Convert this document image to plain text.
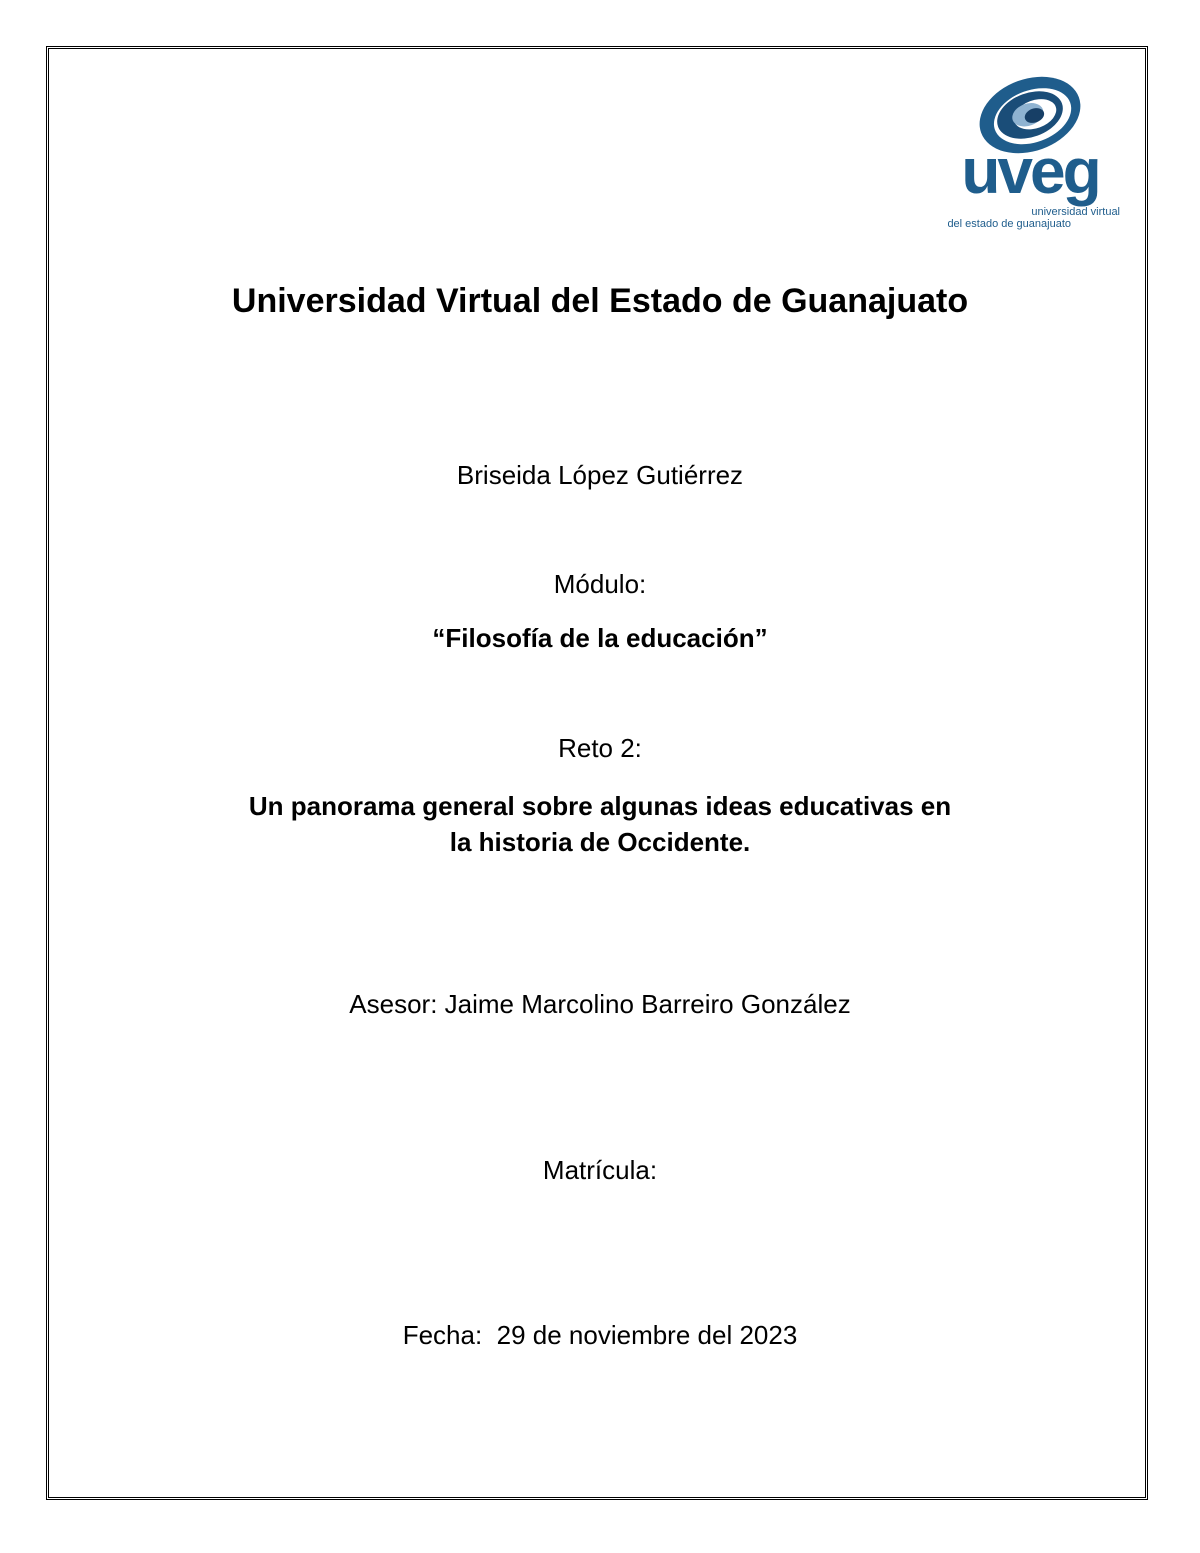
uveg
universidad virtual
del estado de guanajuato
Universidad Virtual del Estado de Guanajuato
Briseida López Gutiérrez
Módulo:
“Filosofía de la educación”
Reto 2:
Un panorama general sobre algunas ideas educativas en
la historia de Occidente.
Asesor: Jaime Marcolino Barreiro González
Matrícula:
Fecha:  29 de noviembre del 2023
